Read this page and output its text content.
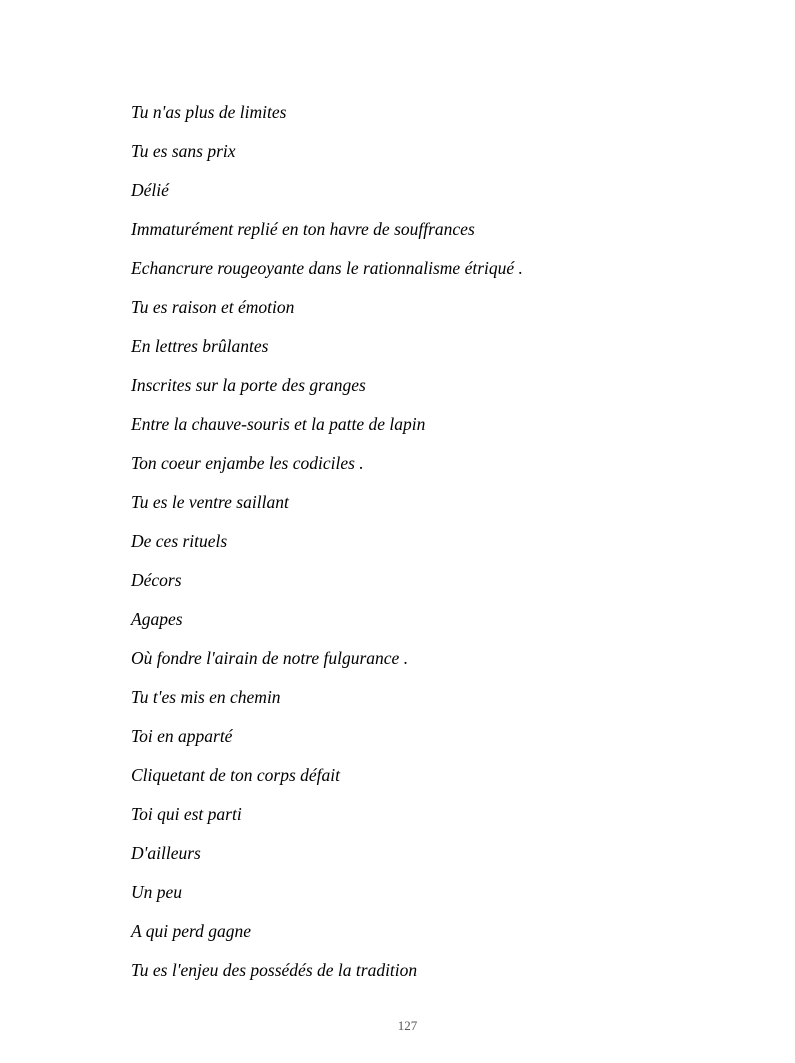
Tu n'as plus de limites
Tu es sans prix
Délié
Immaturément replié en ton havre de souffrances
Echancrure rougeoyante dans le rationnalisme étriqué .
Tu es raison et émotion
En lettres brûlantes
Inscrites sur la porte des granges
Entre la chauve-souris et la patte de lapin
Ton coeur enjambe les codiciles .
Tu es le ventre saillant
De ces rituels
Décors
Agapes
Où fondre l'airain de notre fulgurance .
Tu t'es mis en chemin
Toi en apparté
Cliquetant de ton corps défait
Toi qui est parti
D'ailleurs
Un peu
A qui perd gagne
Tu es l'enjeu des possédés de la tradition
127
